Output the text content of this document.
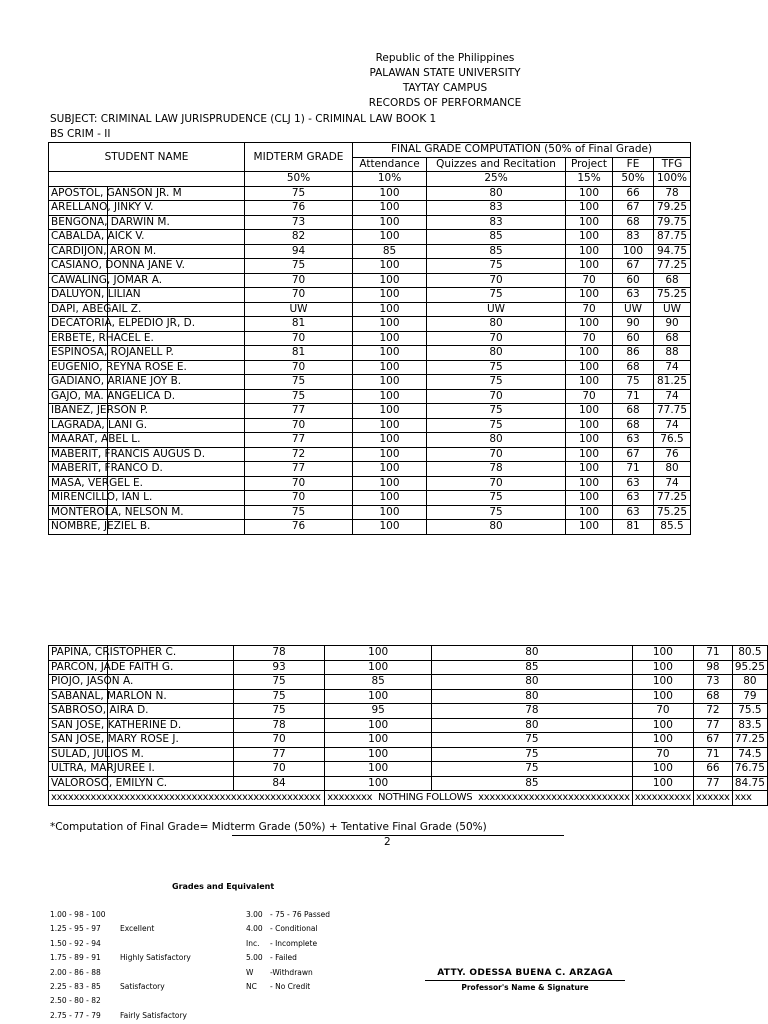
Republic of the Philippines
PALAWAN STATE UNIVERSITY
TAYTAY CAMPUS
RECORDS OF PERFORMANCE
SUBJECT: CRIMINAL LAW JURISPRUDENCE (CLJ 1) - CRIMINAL LAW BOOK 1
BS CRIM - II
STUDENT NAME	MIDTERM GRADE	FINAL GRADE COMPUTATION (50% of Final Grade)				
		Attendance	Quizzes and Recitation	Project	FE	TFG
	50%	10%	25%	15%	50%	100%
APOSTOL, GANSON JR. M	75	100	80	100	66	78
ARELLANO, JINKY V.	76	100	83	100	67	79.25
BENGONA, DARWIN M.	73	100	83	100	68	79.75
CABALDA, AICK V.	82	100	85	100	83	87.75
CARDIJON, ARON M.	94	85	85	100	100	94.75
CASIANO, DONNA JANE V.	75	100	75	100	67	77.25
CAWALING, JOMAR A.	70	100	70	70	60	68
DALUYON, LILIAN	70	100	75	100	63	75.25
DAPI, ABEGAIL Z.	UW	100	UW	70	UW	UW
DECATORIA, ELPEDIO JR, D.	81	100	80	100	90	90
ERBETE, RHACEL E.	70	100	70	70	60	68
ESPIÑOSA, ROJANELL P.	81	100	80	100	86	88
EUGENIO, REYNA ROSE E.	70	100	75	100	68	74
GADIANO, ARIANE JOY B.	75	100	75	100	75	81.25
GAJO, MA. ANGELICA D.	75	100	70	70	71	74
IBAÑEZ, JERSON P.	77	100	75	100	68	77.75
LAGRADA, LANI G.	70	100	75	100	68	74
MAARAT, ABEL L.	77	100	80	100	63	76.5
MABERIT, FRANCIS AUGUS D.	72	100	70	100	67	76
MABERIT, FRANCO D.	77	100	78	100	71	80
MASA, VERGEL E.	70	100	70	100	63	74
MIRENCILLO, IAN L.	70	100	75	100	63	77.25
MONTEROLA, NELSON M.	75	100	75	100	63	75.25
NOMBRE, JEZIEL B.	76	100	80	100	81	85.5
PAPINA, CRISTOPHER C.	78	100	80	100	71	80.5
PARCON, JADE FAITH G.	93	100	85	100	98	95.25
PIOJO, JASON A.	75	85	80	100	73	80
SABANAL, MARLON N.	75	100	80	100	68	79
SABROSO, AIRA D.	75	95	78	70	72	75.5
SAN JOSE, KATHERINE D.	78	100	80	100	77	83.5
SAN JOSE, MARY ROSE J.	70	100	75	100	67	77.25
SULAD, JULIOS M.	77	100	75	70	71	74.5
ULTRA, MARJUREE I.	70	100	75	100	66	76.75
VALOROSO, EMILYN C.	84	100	85	100	77	84.75
xxxxxxxxxxxxxxxxxxxxxxxxxxxxxxxxxxxxxxxxxxxxxxxx		xxxxxxxx NOTHING FOLLOWS xxxxxxxxxxxxxxxxxxxxxxxxxxx		xxxxxxxxxx	xxxxxx	xxx
*Computation of Final Grade= Midterm Grade (50%) + Tentative Final Grade (50%)
2
Grades and Equivalent
1.00 - 98 - 100
1.25 - 95 - 97	Excellent
1.50 - 92 - 94
1.75 - 89 - 91	Highly Satisfactory
2.00 - 86 - 88
2.25 - 83 - 85	Satisfactory
2.50 - 80 - 82
2.75 - 77 - 79	Fairly Satisfactory
3.00 - 75 - 76 Passed
4.00 - Conditional
Inc. - Incomplete
5.00 - Failed
W -Withdrawn
NC - No Credit
ATTY. ODESSA BUENA C. ARZAGA
Professor's Name & Signature
